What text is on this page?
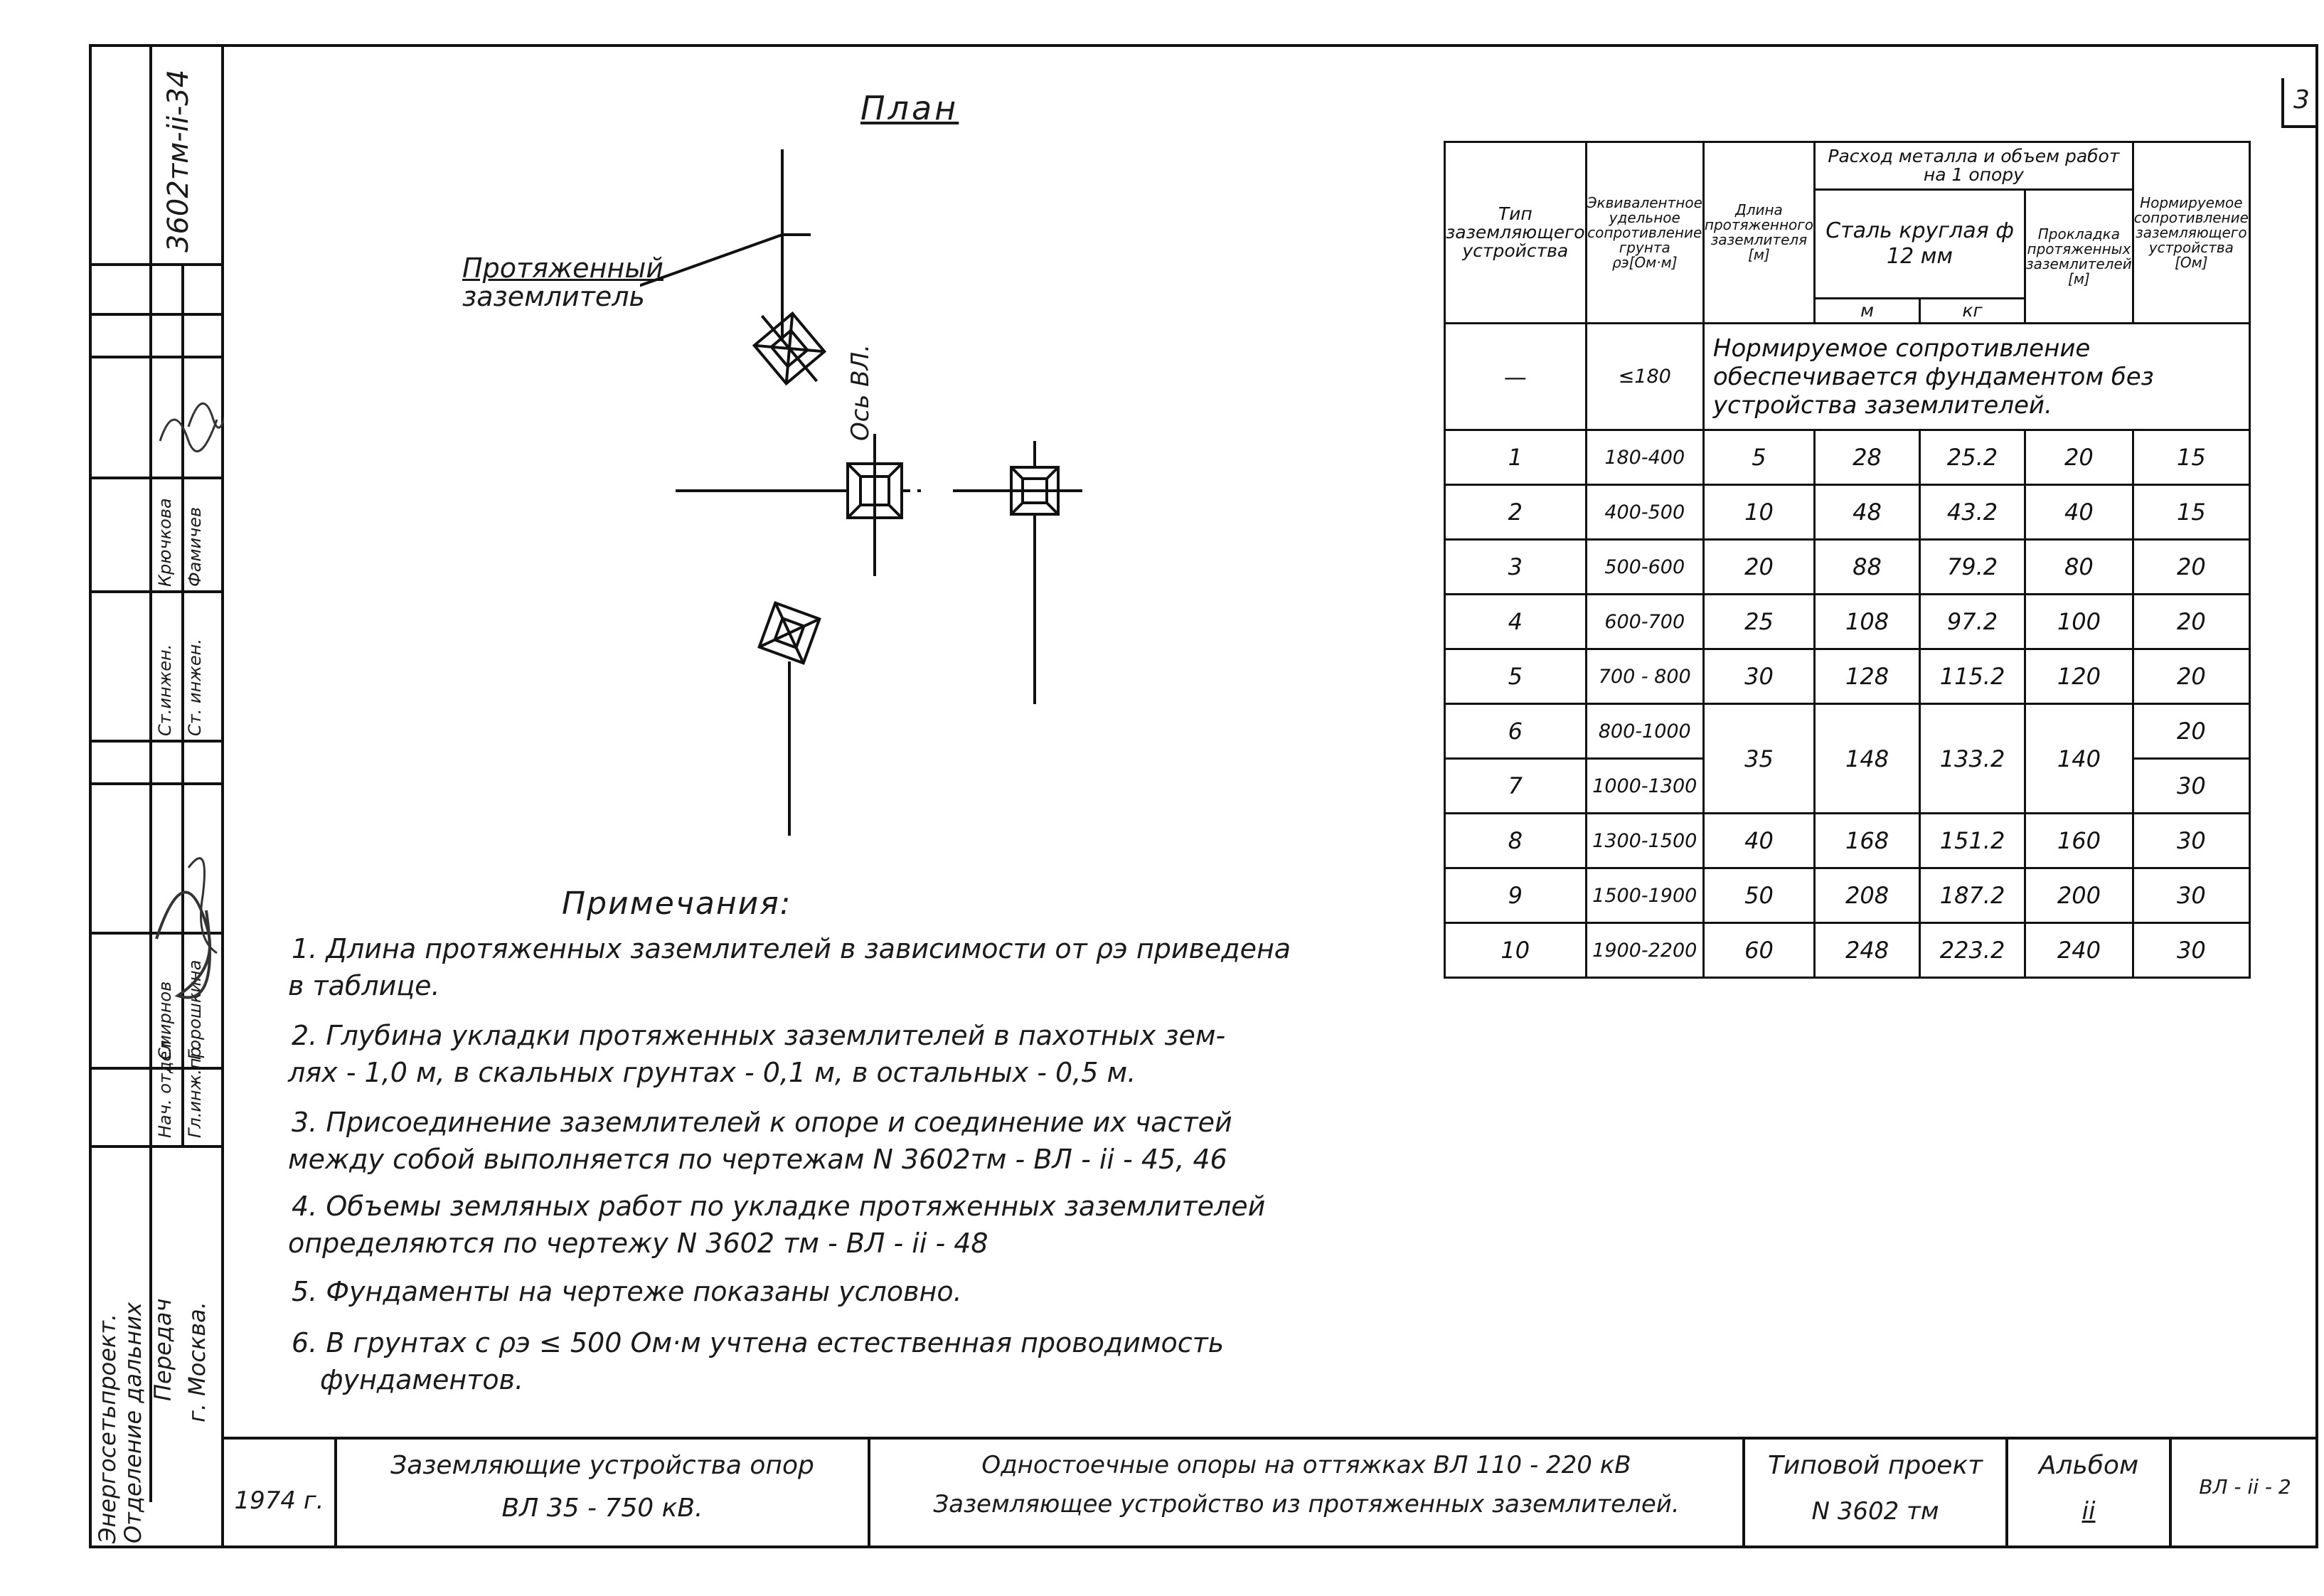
3
3602тм-ii-34
Ст.инжен. Ст. инжен.
Крючкова Фамичев
Нач. отдел Гл.инж.пр.
Смирнов Горошкина
Энергосетьпроект.
Отделение дальних Передач г. Москва.
План
Протяженный
заземлитель
Ось ВЛ.
Тип заземляющего устройства	Эквивалентное удельное сопротивление грунта ρэ[Ом·м]	Длина протяженного заземлителя [м]	Расход металла и объем работ на 1 опору			Нормируемое сопротивление заземляющего устройства [Ом]
			Сталь круглая ф 12 мм		Прокладка протяженных заземлителей [м]	
			м	кг		
—	≤180	Нормируемое сопротивление обеспечивается фундаментом без устройства заземлителей.				
1	180-400	5	28	25.2	20	15
2	400-500	10	48	43.2	40	15
3	500-600	20	88	79.2	80	20
4	600-700	25	108	97.2	100	20
5	700 - 800	30	128	115.2	120	20
6	800-1000	35	148	133.2	140	20
7	1000-1300					30
8	1300-1500	40	168	151.2	160	30
9	1500-1900	50	208	187.2	200	30
10	1900-2200	60	248	223.2	240	30
Примечания:
1. Длина протяженных заземлителей в зависимости от ρэ приведена
в таблице.
2. Глубина укладки протяженных заземлителей в пахотных зем-
лях - 1,0 м, в скальных грунтах - 0,1 м, в остальных - 0,5 м.
3. Присоединение заземлителей к опоре и соединение их частей
между собой выполняется по чертежам N 3602тм - ВЛ - ii - 45, 46
4. Объемы земляных работ по укладке протяженных заземлителей
определяются по чертежу N 3602 тм - ВЛ - ii - 48
5. Фундаменты на чертеже показаны условно.
6. В грунтах с ρэ ≤ 500 Ом·м учтена естественная проводимость
фундаментов.
1974 г.
Заземляющие устройства опор
ВЛ 35 - 750 кВ.
Одностоечные опоры на оттяжках ВЛ 110 - 220 кВ
Заземляющее устройство из протяженных заземлителей.
Типовой проект
N 3602 тм
Альбом
ii
ВЛ - ii - 2
